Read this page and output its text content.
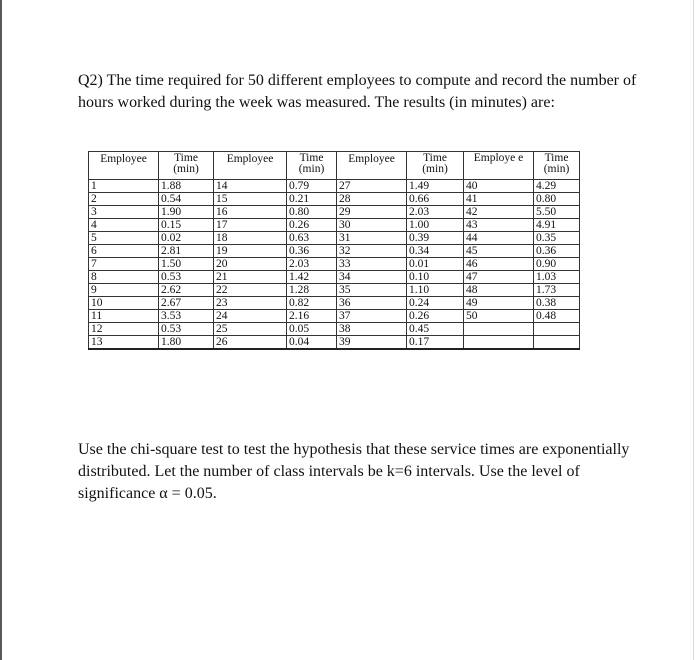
Q2) The time required for 50 different employees to compute and record the number of hours worked during the week was measured. The results (in minutes) are:

Employee	Time (min)	Employee	Time (min)	Employee	Time (min)	Employe e	Time (min)
1	1.88	14	0.79	27	1.49	40	4.29
2	0.54	15	0.21	28	0.66	41	0.80
3	1.90	16	0.80	29	2.03	42	5.50
4	0.15	17	0.26	30	1.00	43	4.91
5	0.02	18	0.63	31	0.39	44	0.35
6	2.81	19	0.36	32	0.34	45	0.36
7	1.50	20	2.03	33	0.01	46	0.90
8	0.53	21	1.42	34	0.10	47	1.03
9	2.62	22	1.28	35	1.10	48	1.73
10	2.67	23	0.82	36	0.24	49	0.38
11	3.53	24	2.16	37	0.26	50	0.48
12	0.53	25	0.05	38	0.45		
13	1.80	26	0.04	39	0.17		

Use the chi-square test to test the hypothesis that these service times are exponentially distributed. Let the number of class intervals be k=6 intervals. Use the level of significance α = 0.05.
